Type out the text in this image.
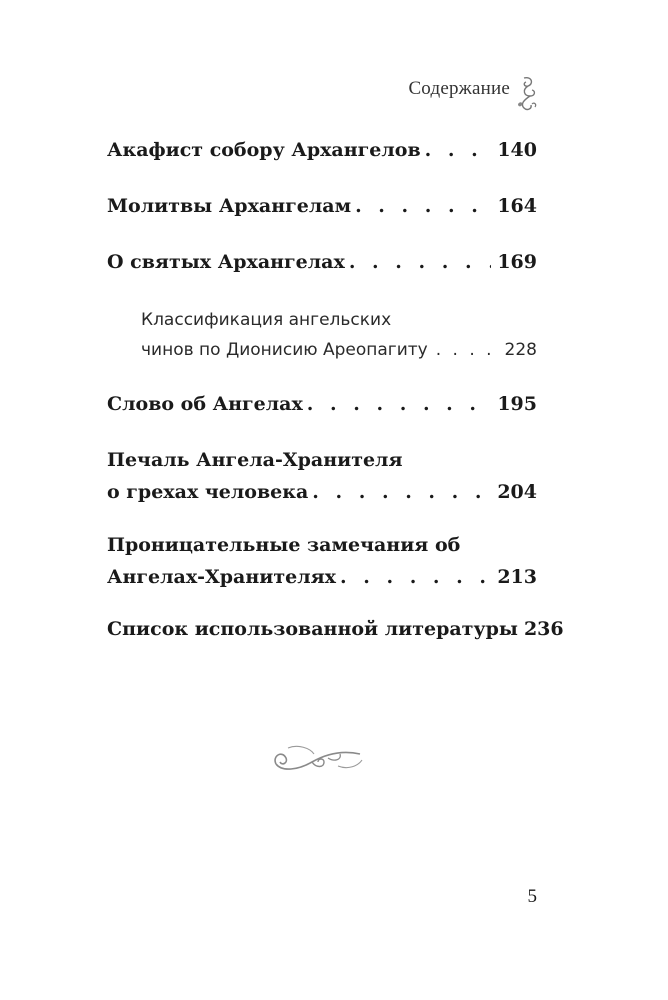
Содержание
Акафист собору Архангелов . . .	140
Молитвы Архангелам . . .	164
О святых Архангелах . . .	169
Классификация ангельских
чинов по Дионисию Ареопагиту . . .	228
Слово об Ангелах . . .	195
Печаль Ангела-Хранителя
о грехах человека . . .	204
Проницательные замечания об
Ангелах-Хранителях . . .	213
Список использованной литературы 236
5
